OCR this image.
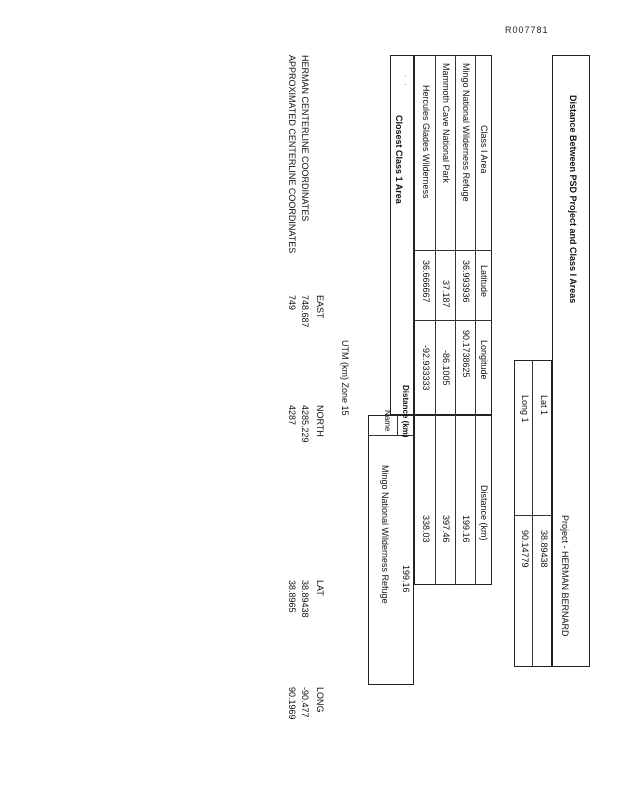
R007781
Distance Between PSD Project and Class I Areas
Project - HERMAN BERNARD
Lat 1
Long 1
38.89438
90.14779
Class I Area
Latitude
Longitude
Distance (km)
Mingo National Wilderness Refuge
36.993936
90.1738625
199.16
Mammoth Cave National Park
37.187
-86.1005
397.46
Hercules Glades Wilderness
36.666667
-92.933333
338.03
. .
Closest Class 1 Area
199.16
Mingo National Wilderness Refuge
Distance (km)
Name
UTM (km) Zone 15
EAST
NORTH
LAT
LONG
HERMAN CENTERLINE COORDINATES
748.687
4285.229
38.89438
-90.477
APPROXIMATED CENTERLINE COORDINATES
749
4287
38.8965
90.1969
